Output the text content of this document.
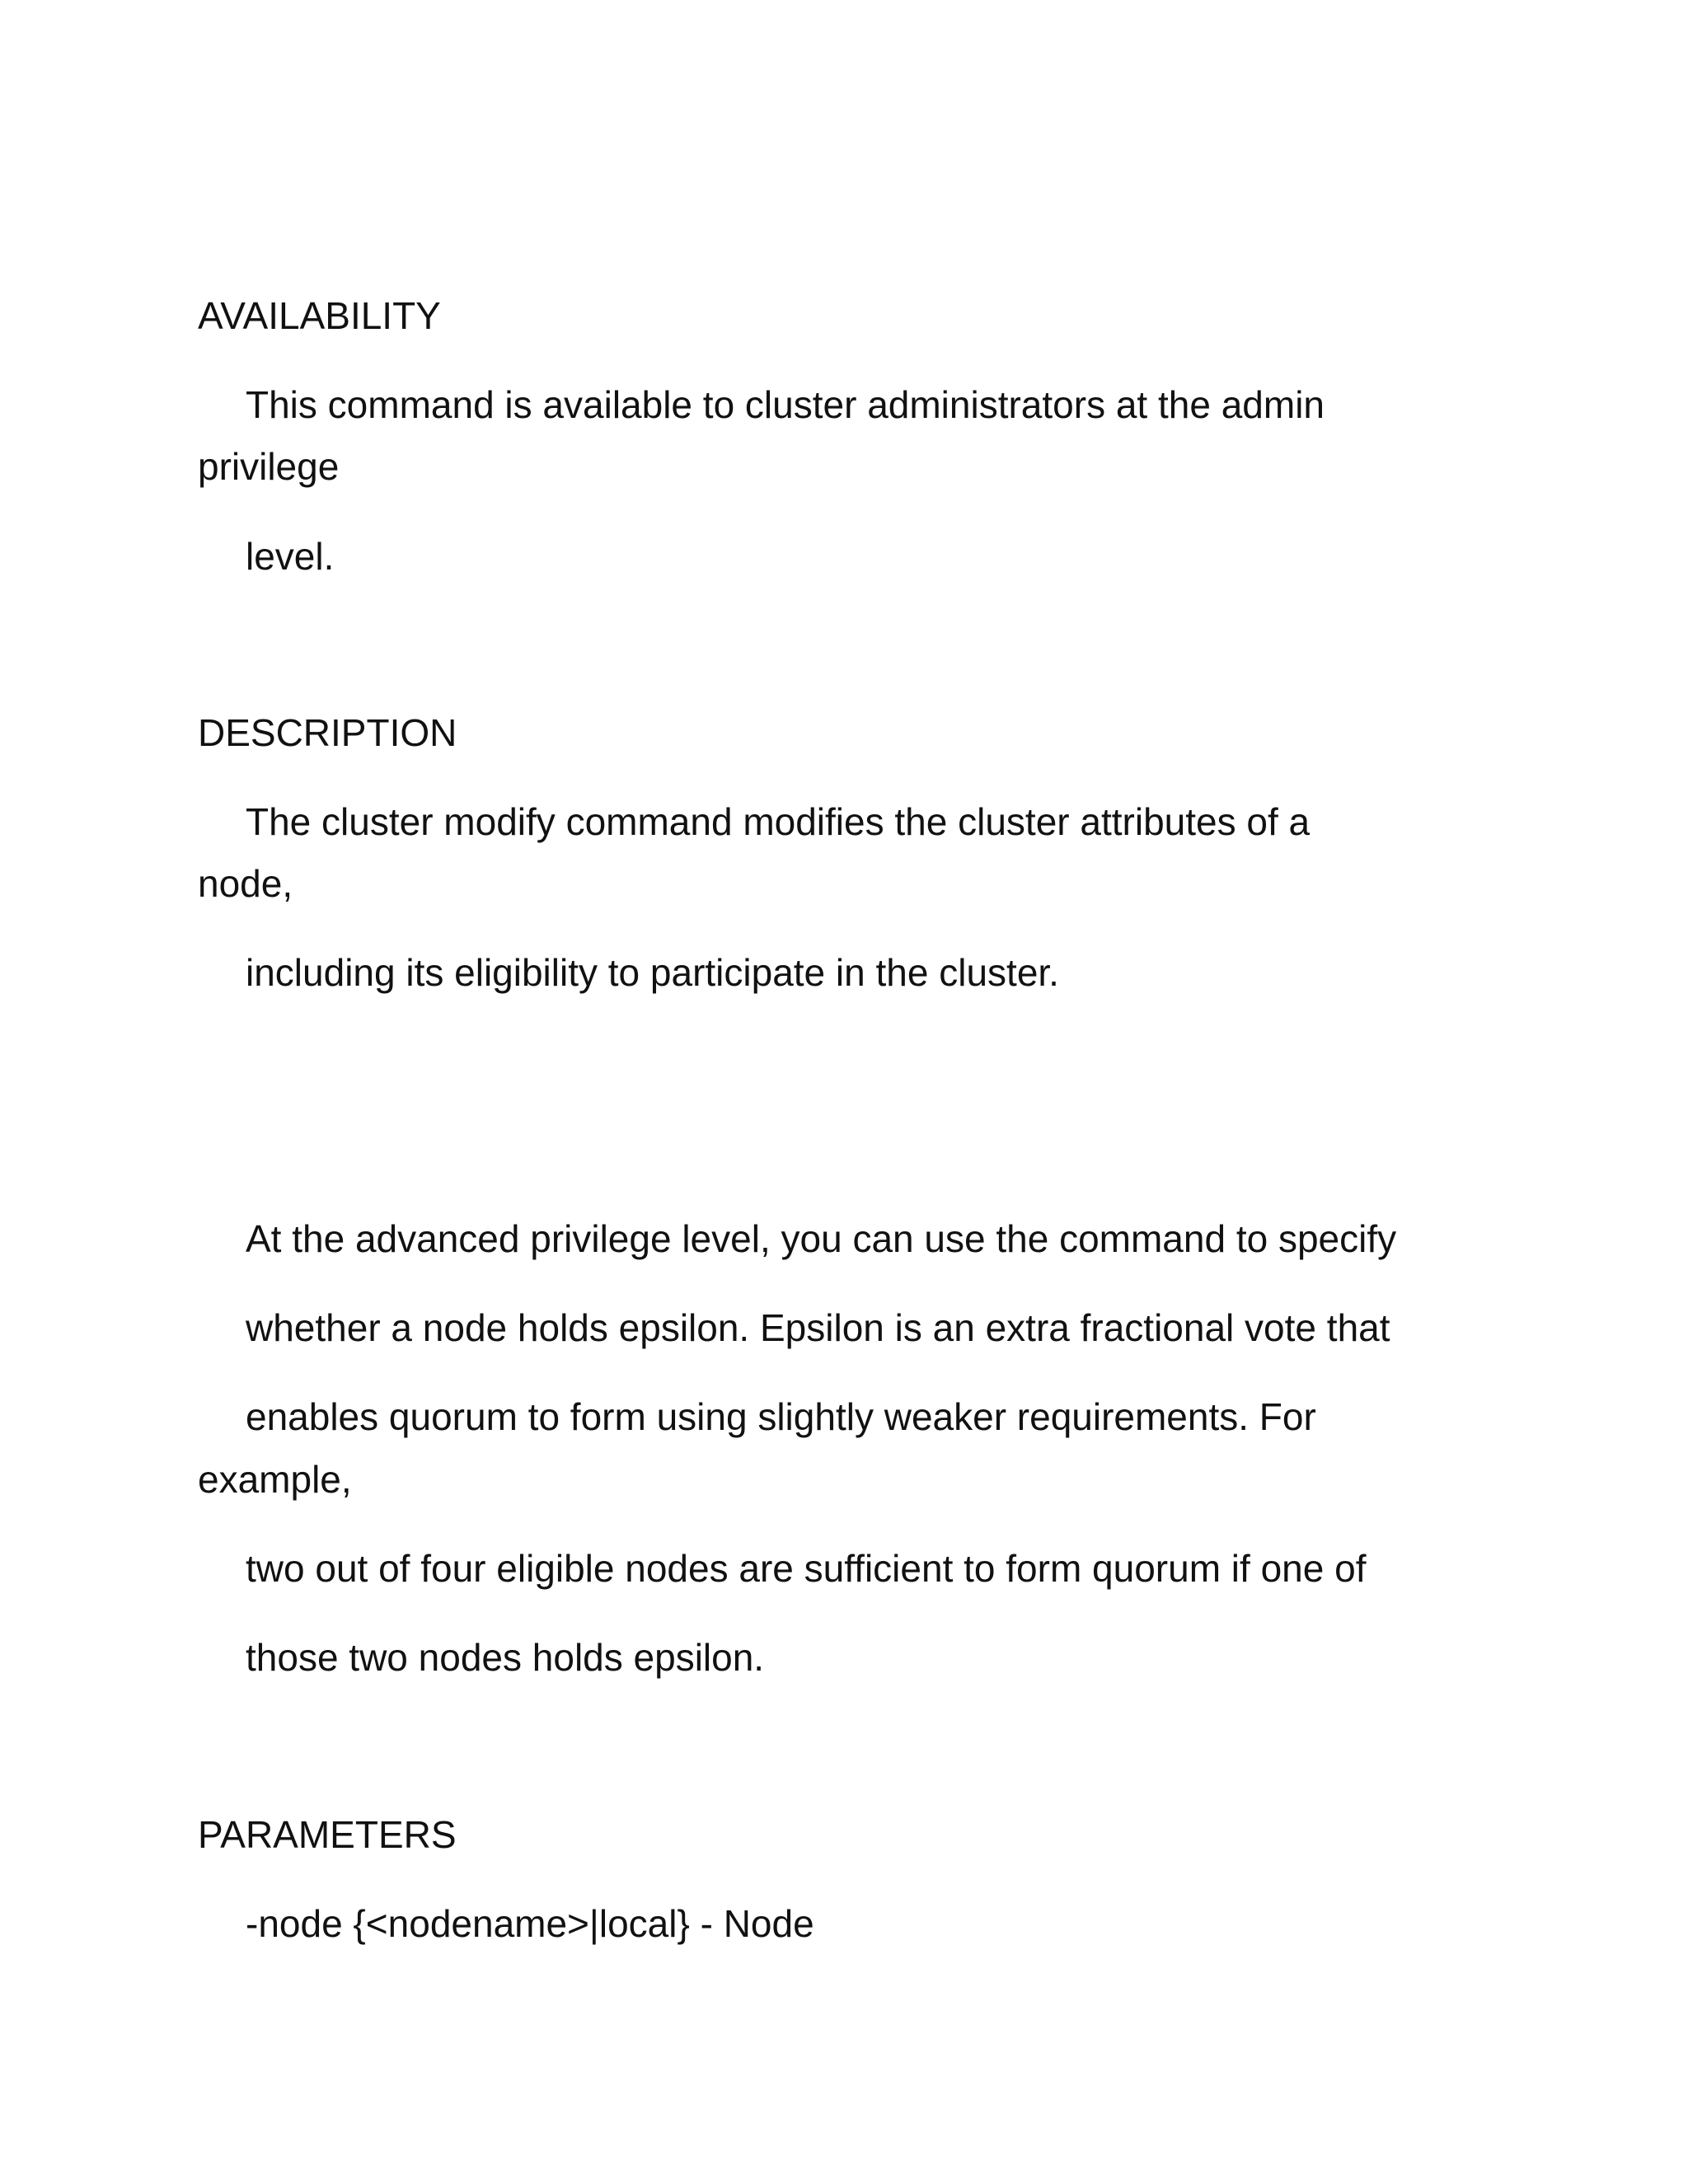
AVAILABILITY
This command is available to cluster administrators at the admin
privilege
level.
DESCRIPTION
The cluster modify command modifies the cluster attributes of a
node,
including its eligibility to participate in the cluster.
At the advanced privilege level, you can use the command to specify
whether a node holds epsilon. Epsilon is an extra fractional vote that
enables quorum to form using slightly weaker requirements. For
example,
two out of four eligible nodes are sufficient to form quorum if one of
those two nodes holds epsilon.
PARAMETERS
-node {<nodename>|local} - Node
